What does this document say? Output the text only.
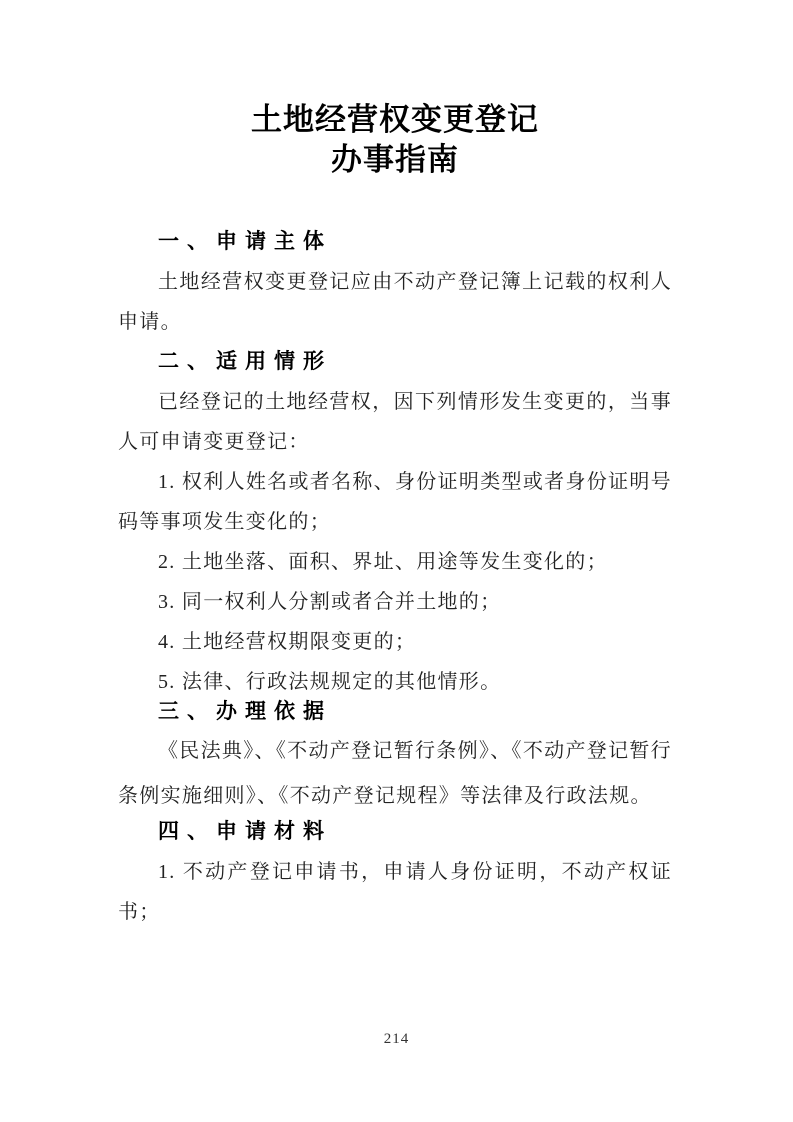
土地经营权变更登记
办事指南
一、申请主体

土地经营权变更登记应由不动产登记簿上记载的权利人申请。

二、适用情形

已经登记的土地经营权，因下列情形发生变更的，当事人可申请变更登记：

1. 权利人姓名或者名称、身份证明类型或者身份证明号码等事项发生变化的；

2. 土地坐落、面积、界址、用途等发生变化的；

3. 同一权利人分割或者合并土地的；

4. 土地经营权期限变更的；

5. 法律、行政法规规定的其他情形。

三、办理依据

《民法典》、《不动产登记暂行条例》、《不动产登记暂行条例实施细则》、《不动产登记规程》等法律及行政法规。

四、申请材料

1. 不动产登记申请书，申请人身份证明，不动产权证书；

214
